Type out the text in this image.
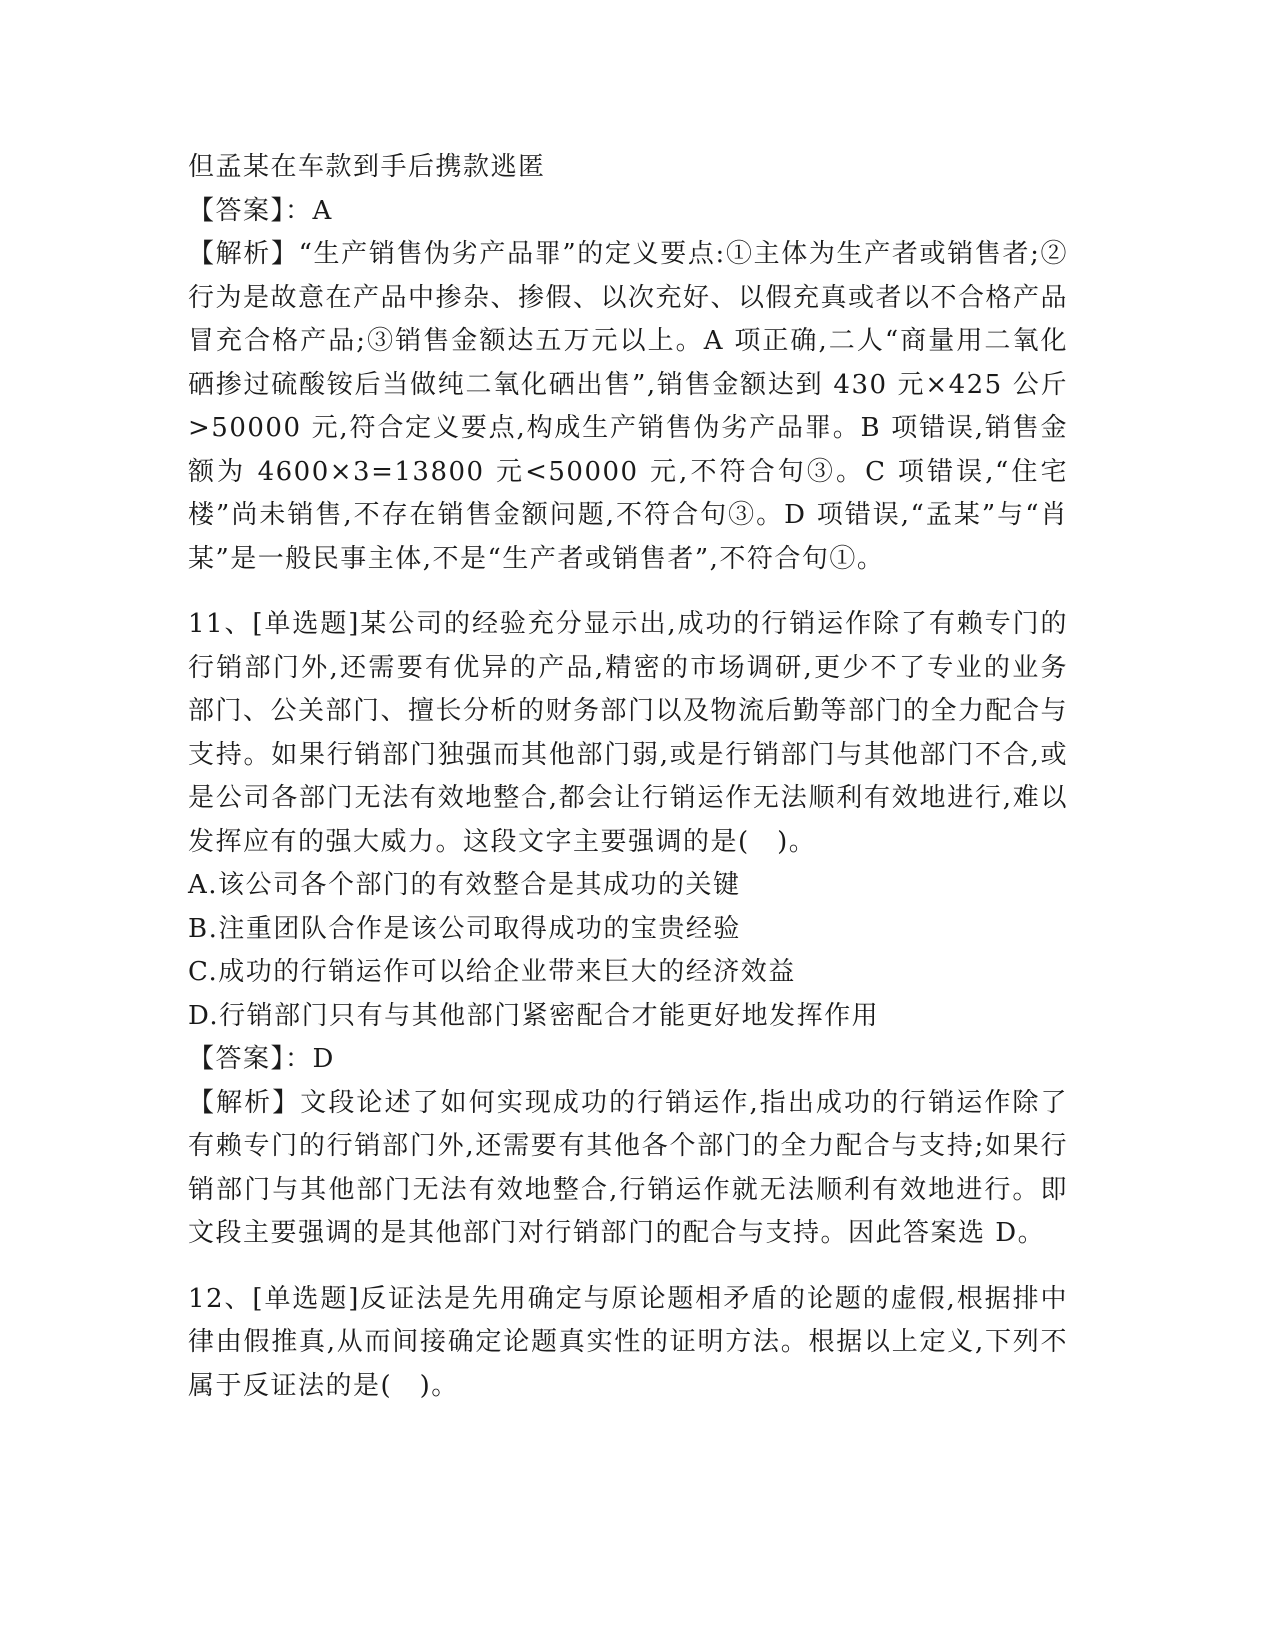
但孟某在车款到手后携款逃匿

【答案】：A

【解析】“生产销售伪劣产品罪”的定义要点:①主体为生产者或销售者;②行为是故意在产品中掺杂、掺假、以次充好、以假充真或者以不合格产品冒充合格产品;③销售金额达五万元以上。A 项正确,二人“商量用二氧化硒掺过硫酸铵后当做纯二氧化硒出售”,销售金额达到 430 元×425 公斤>50000 元,符合定义要点,构成生产销售伪劣产品罪。B 项错误,销售金额为 4600×3=13800 元<50000 元,不符合句③。C 项错误,“住宅楼”尚未销售,不存在销售金额问题,不符合句③。D 项错误,“孟某”与“肖某”是一般民事主体,不是“生产者或销售者”,不符合句①。

11、[单选题]某公司的经验充分显示出,成功的行销运作除了有赖专门的行销部门外,还需要有优异的产品,精密的市场调研,更少不了专业的业务部门、公关部门、擅长分析的财务部门以及物流后勤等部门的全力配合与支持。如果行销部门独强而其他部门弱,或是行销部门与其他部门不合,或是公司各部门无法有效地整合,都会让行销运作无法顺利有效地进行,难以发挥应有的强大威力。这段文字主要强调的是(　)。

A.该公司各个部门的有效整合是其成功的关键

B.注重团队合作是该公司取得成功的宝贵经验

C.成功的行销运作可以给企业带来巨大的经济效益

D.行销部门只有与其他部门紧密配合才能更好地发挥作用

【答案】：D

【解析】文段论述了如何实现成功的行销运作,指出成功的行销运作除了有赖专门的行销部门外,还需要有其他各个部门的全力配合与支持;如果行销部门与其他部门无法有效地整合,行销运作就无法顺利有效地进行。即文段主要强调的是其他部门对行销部门的配合与支持。因此答案选 D。

12、[单选题]反证法是先用确定与原论题相矛盾的论题的虚假,根据排中律由假推真,从而间接确定论题真实性的证明方法。根据以上定义,下列不属于反证法的是(　)。
